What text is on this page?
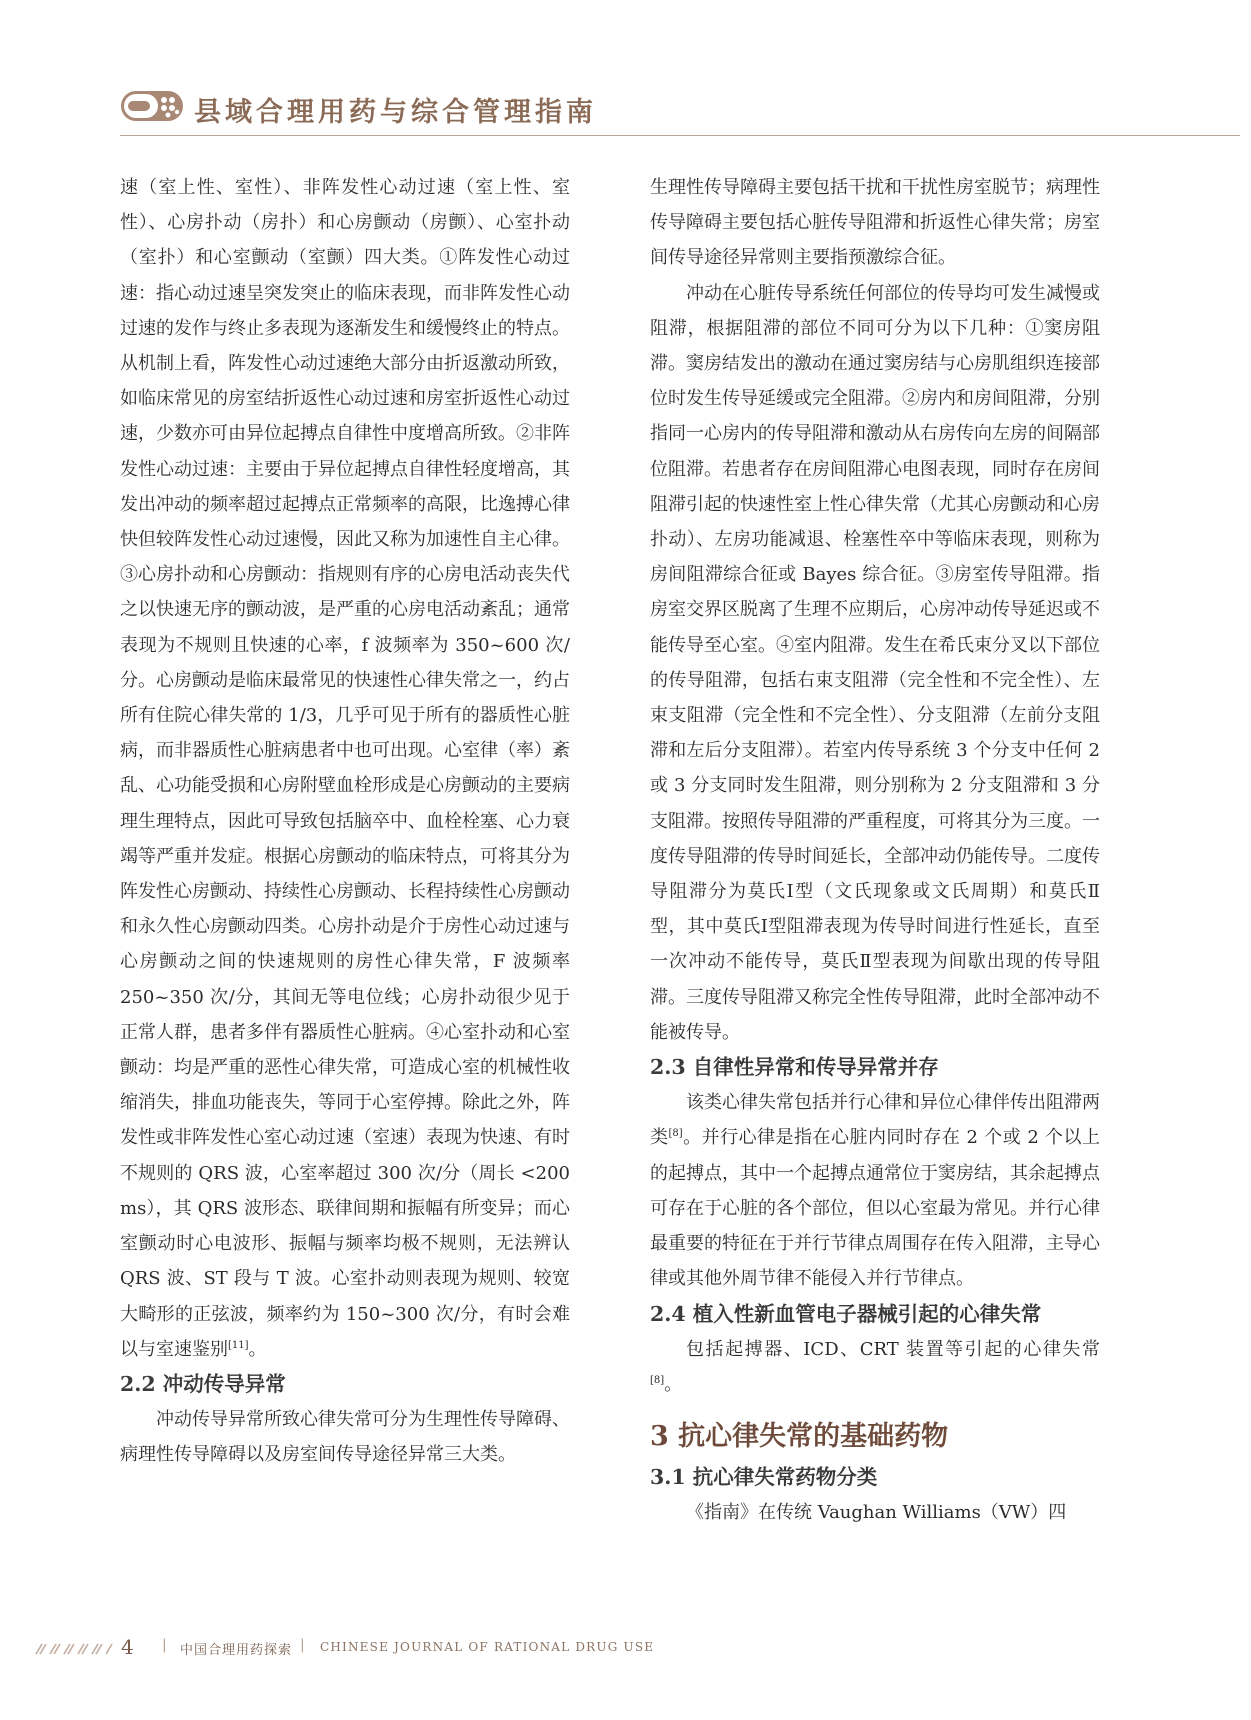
县域合理用药与综合管理指南

速（室上性、室性）、非阵发性心动过速（室上性、室性）、心房扑动（房扑）和心房颤动（房颤）、心室扑动（室扑）和心室颤动（室颤）四大类。①阵发性心动过速：指心动过速呈突发突止的临床表现，而非阵发性心动过速的发作与终止多表现为逐渐发生和缓慢终止的特点。从机制上看，阵发性心动过速绝大部分由折返激动所致，如临床常见的房室结折返性心动过速和房室折返性心动过速，少数亦可由异位起搏点自律性中度增高所致。②非阵发性心动过速：主要由于异位起搏点自律性轻度增高，其发出冲动的频率超过起搏点正常频率的高限，比逸搏心律快但较阵发性心动过速慢，因此又称为加速性自主心律。③心房扑动和心房颤动：指规则有序的心房电活动丧失代之以快速无序的颤动波，是严重的心房电活动紊乱；通常表现为不规则且快速的心率，f 波频率为 350~600 次/分。心房颤动是临床最常见的快速性心律失常之一，约占所有住院心律失常的 1/3，几乎可见于所有的器质性心脏病，而非器质性心脏病患者中也可出现。心室律（率）紊乱、心功能受损和心房附壁血栓形成是心房颤动的主要病理生理特点，因此可导致包括脑卒中、血栓栓塞、心力衰竭等严重并发症。根据心房颤动的临床特点，可将其分为阵发性心房颤动、持续性心房颤动、长程持续性心房颤动和永久性心房颤动四类。心房扑动是介于房性心动过速与心房颤动之间的快速规则的房性心律失常，F 波频率 250~350 次/分，其间无等电位线；心房扑动很少见于正常人群，患者多伴有器质性心脏病。④心室扑动和心室颤动：均是严重的恶性心律失常，可造成心室的机械性收缩消失，排血功能丧失，等同于心室停搏。除此之外，阵发性或非阵发性心室心动过速（室速）表现为快速、有时不规则的 QRS 波，心室率超过 300 次/分（周长 <200 ms），其 QRS 波形态、联律间期和振幅有所变异；而心室颤动时心电波形、振幅与频率均极不规则，无法辨认 QRS 波、ST 段与 T 波。心室扑动则表现为规则、较宽大畸形的正弦波，频率约为 150~300 次/分，有时会难以与室速鉴别[11]。

2.2 冲动传导异常

冲动传导异常所致心律失常可分为生理性传导障碍、病理性传导障碍以及房室间传导途径异常三大类。

生理性传导障碍主要包括干扰和干扰性房室脱节；病理性传导障碍主要包括心脏传导阻滞和折返性心律失常；房室间传导途径异常则主要指预激综合征。

冲动在心脏传导系统任何部位的传导均可发生减慢或阻滞，根据阻滞的部位不同可分为以下几种：①窦房阻滞。窦房结发出的激动在通过窦房结与心房肌组织连接部位时发生传导延缓或完全阻滞。②房内和房间阻滞，分别指同一心房内的传导阻滞和激动从右房传向左房的间隔部位阻滞。若患者存在房间阻滞心电图表现，同时存在房间阻滞引起的快速性室上性心律失常（尤其心房颤动和心房扑动）、左房功能减退、栓塞性卒中等临床表现，则称为房间阻滞综合征或 Bayes 综合征。③房室传导阻滞。指房室交界区脱离了生理不应期后，心房冲动传导延迟或不能传导至心室。④室内阻滞。发生在希氏束分叉以下部位的传导阻滞，包括右束支阻滞（完全性和不完全性）、左束支阻滞（完全性和不完全性）、分支阻滞（左前分支阻滞和左后分支阻滞）。若室内传导系统 3 个分支中任何 2 或 3 分支同时发生阻滞，则分别称为 2 分支阻滞和 3 分支阻滞。按照传导阻滞的严重程度，可将其分为三度。一度传导阻滞的传导时间延长，全部冲动仍能传导。二度传导阻滞分为莫氏Ⅰ型（文氏现象或文氏周期）和莫氏Ⅱ型，其中莫氏Ⅰ型阻滞表现为传导时间进行性延长，直至一次冲动不能传导，莫氏Ⅱ型表现为间歇出现的传导阻滞。三度传导阻滞又称完全性传导阻滞，此时全部冲动不能被传导。

2.3 自律性异常和传导异常并存

该类心律失常包括并行心律和异位心律伴传出阻滞两类[8]。并行心律是指在心脏内同时存在 2 个或 2 个以上的起搏点，其中一个起搏点通常位于窦房结，其余起搏点可存在于心脏的各个部位，但以心室最为常见。并行心律最重要的特征在于并行节律点周围存在传入阻滞，主导心律或其他外周节律不能侵入并行节律点。

2.4 植入性新血管电子器械引起的心律失常

包括起搏器、ICD、CRT 装置等引起的心律失常[8]。

3 抗心律失常的基础药物
3.1 抗心律失常药物分类

《指南》在传统 Vaughan Williams（VW）四

4 | 中国合理用药探索 | CHINESE JOURNAL OF RATIONAL DRUG USE
